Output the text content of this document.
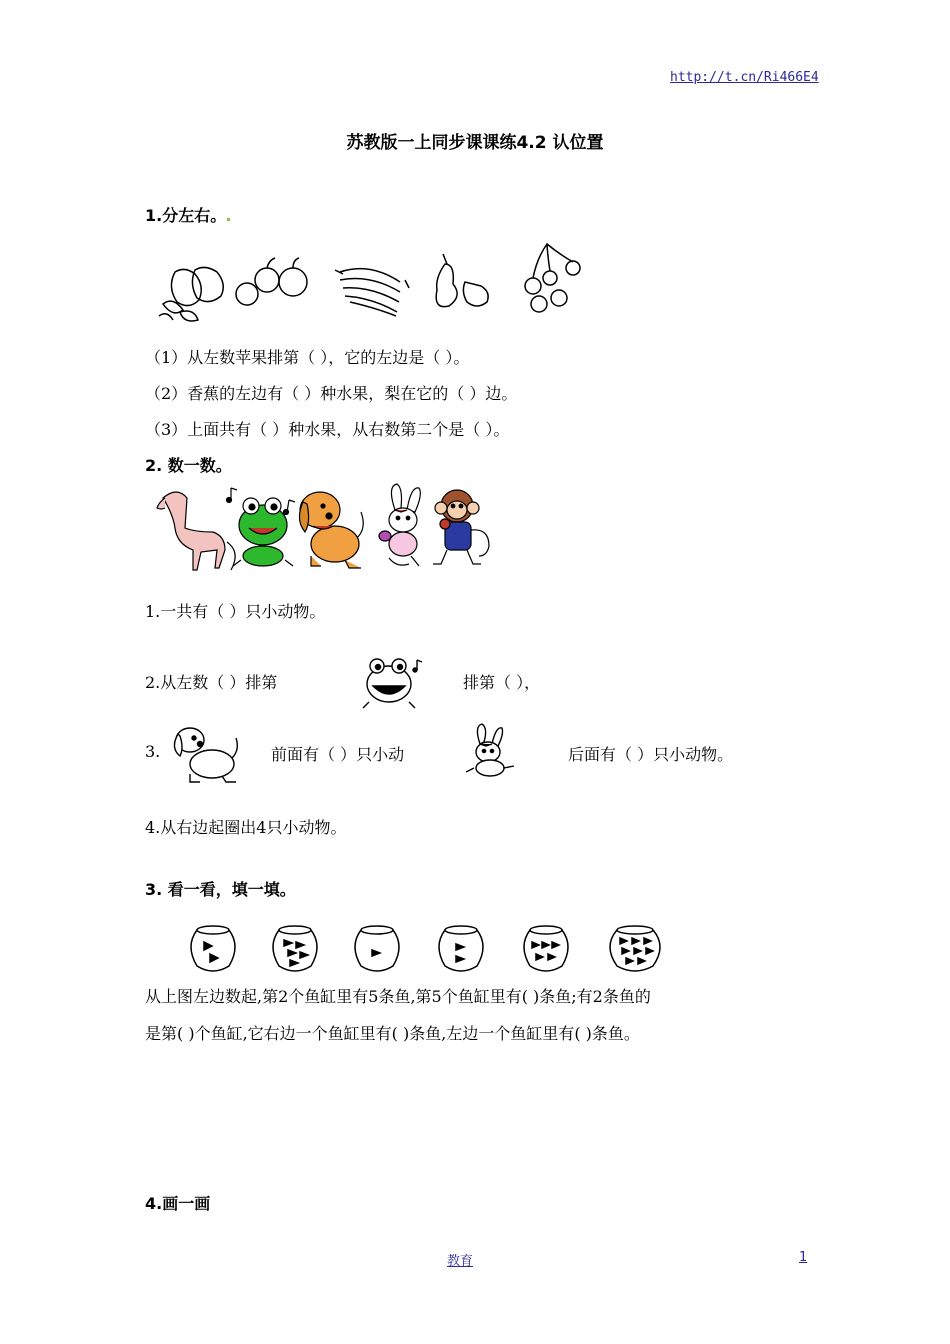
http://t.cn/Ri466E4
苏教版一上同步课课练4.2 认位置
1.分左右。
（1）从左数苹果排第（ ），它的左边是（ ）。
（2）香蕉的左边有（ ）种水果，梨在它的（ ）边。
（3）上面共有（ ）种水果，从右数第二个是（ ）。
2. 数一数。
1.一共有（ ）只小动物。
2.从左数（ ）排第	排第（ ），
3.	前面有（ ）只小动	后面有（ ）只小动物。
4.从右边起圈出4只小动物。
3. 看一看，填一填。
从上图左边数起,第2个鱼缸里有5条鱼,第5个鱼缸里有( )条鱼;有2条鱼的
是第( )个鱼缸,它右边一个鱼缸里有( )条鱼,左边一个鱼缸里有( )条鱼。
4.画一画
教育	1
